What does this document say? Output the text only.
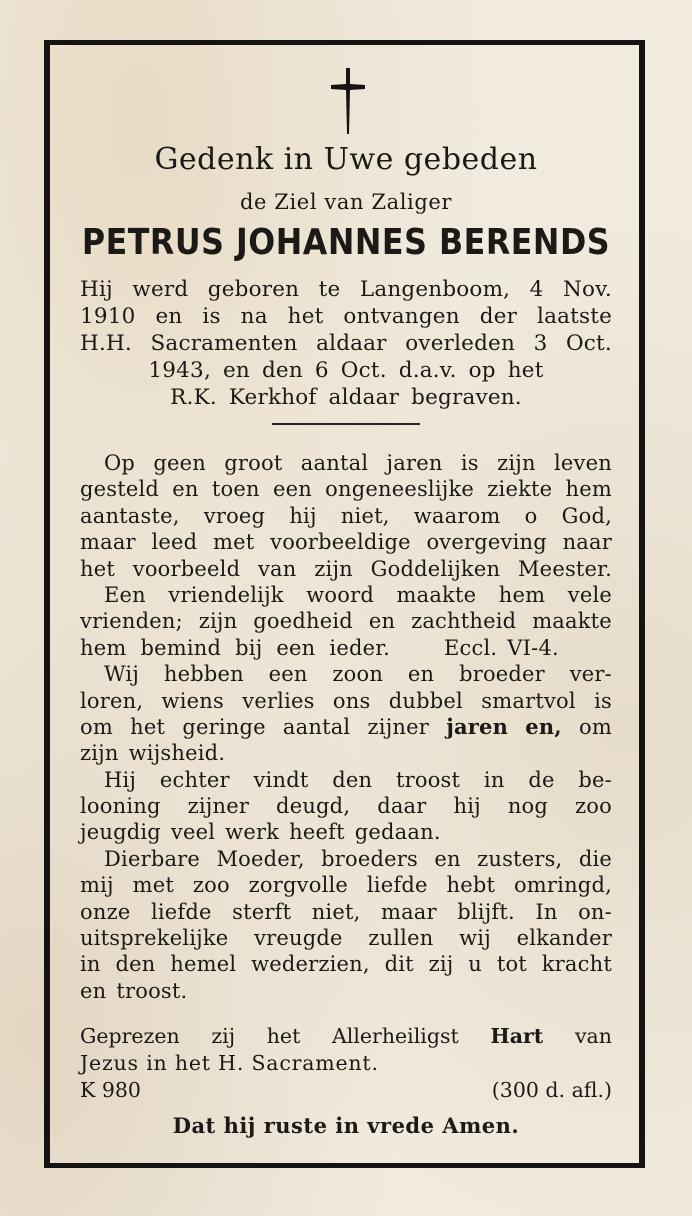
Gedenk in Uwe gebeden
de Ziel van Zaliger
PETRUS JOHANNES BERENDS
Hij werd geboren te Langenboom, 4 Nov.
1910 en is na het ontvangen der laatste
H.H. Sacramenten aldaar overleden 3 Oct.
1943, en den 6 Oct. d.a.v. op het
R.K. Kerkhof aldaar begraven.
Op geen groot aantal jaren is zijn leven
gesteld en toen een ongeneeslijke ziekte hem
aantaste, vroeg hij niet, waarom o God,
maar leed met voorbeeldige overgeving naar
het voorbeeld van zijn Goddelijken Meester.
Een vriendelijk woord maakte hem vele
vrienden; zijn goedheid en zachtheid maakte
hem bemind bij een ieder.	Eccl. VI-4.
Wij hebben een zoon en broeder ver-
loren, wiens verlies ons dubbel smartvol is
om het geringe aantal zijner jaren en, om
zijn wijsheid.
Hij echter vindt den troost in de be-
looning zijner deugd, daar hij nog zoo
jeugdig veel werk heeft gedaan.
Dierbare Moeder, broeders en zusters, die
mij met zoo zorgvolle liefde hebt omringd,
onze liefde sterft niet, maar blijft. In on-
uitsprekelijke vreugde zullen wij elkander
in den hemel wederzien, dit zij u tot kracht
en troost.
Geprezen zij het Allerheiligst Hart van
Jezus in het H. Sacrament.
K 980	(300 d. afl.)
Dat hij ruste in vrede Amen.
